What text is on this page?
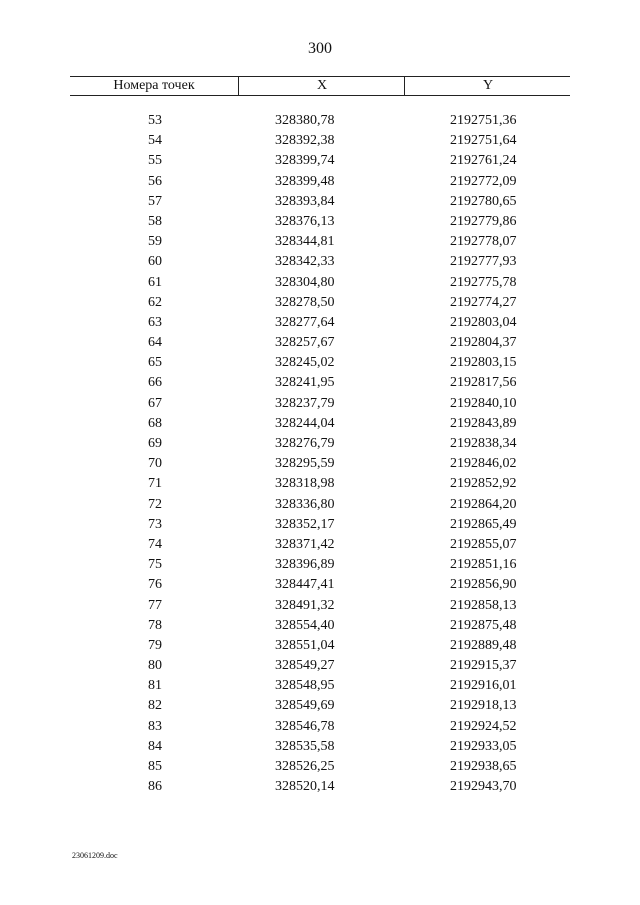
300
Номера точек	X	Y
53	328380,78	2192751,36
54	328392,38	2192751,64
55	328399,74	2192761,24
56	328399,48	2192772,09
57	328393,84	2192780,65
58	328376,13	2192779,86
59	328344,81	2192778,07
60	328342,33	2192777,93
61	328304,80	2192775,78
62	328278,50	2192774,27
63	328277,64	2192803,04
64	328257,67	2192804,37
65	328245,02	2192803,15
66	328241,95	2192817,56
67	328237,79	2192840,10
68	328244,04	2192843,89
69	328276,79	2192838,34
70	328295,59	2192846,02
71	328318,98	2192852,92
72	328336,80	2192864,20
73	328352,17	2192865,49
74	328371,42	2192855,07
75	328396,89	2192851,16
76	328447,41	2192856,90
77	328491,32	2192858,13
78	328554,40	2192875,48
79	328551,04	2192889,48
80	328549,27	2192915,37
81	328548,95	2192916,01
82	328549,69	2192918,13
83	328546,78	2192924,52
84	328535,58	2192933,05
85	328526,25	2192938,65
86	328520,14	2192943,70
23061209.doc
